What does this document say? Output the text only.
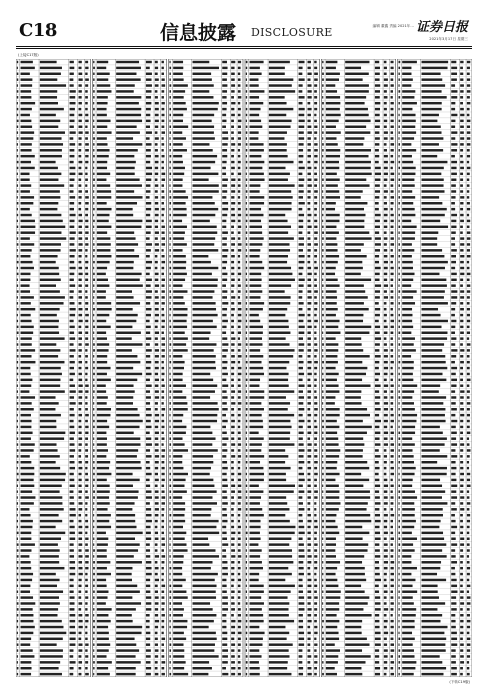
C18	信息披露 DISCLOSURE	编辑 董鑫 责编 2021年… 证券日报
2021年3月17日 星期三
(上接C17版)
(下转C19版)
